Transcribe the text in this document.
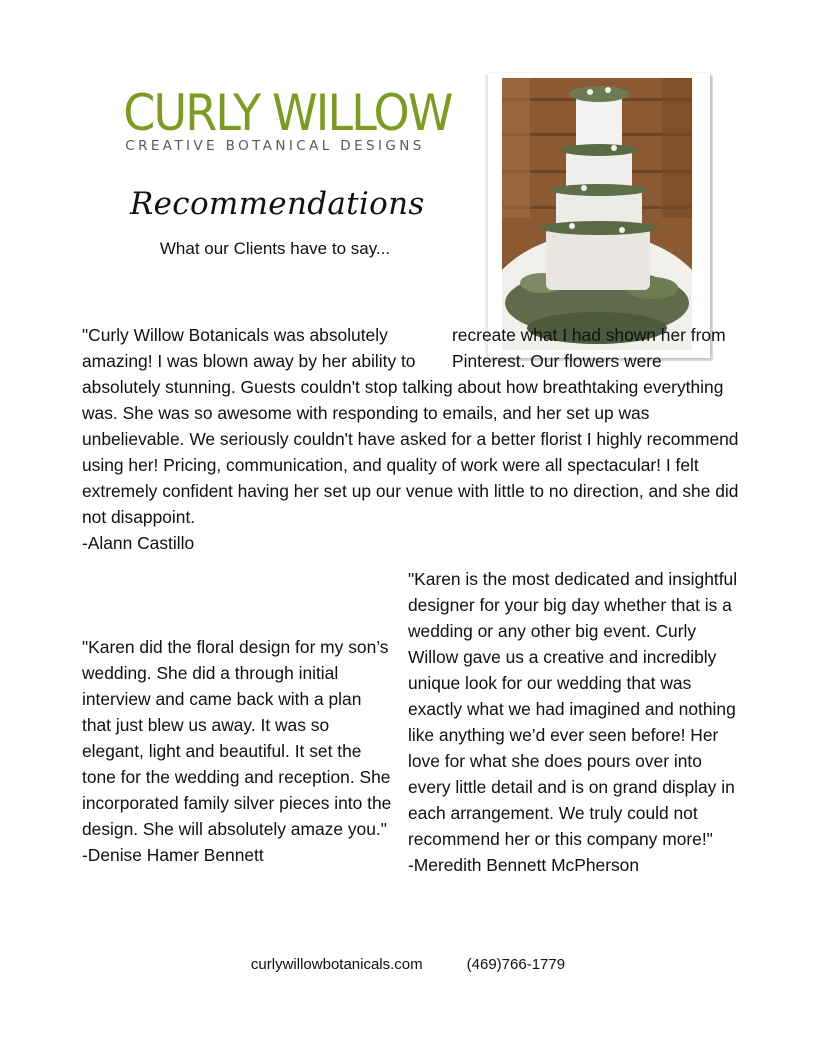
CURLY WILLOW
CREATIVE BOTANICAL DESIGNS
Recommendations
What our Clients have to say...
"Curly Willow Botanicals was absolutely
amazing! I was blown away by her ability to
recreate what I had shown her from Pinterest. Our flowers were absolutely stunning. Guests couldn't stop talking about how breathtaking everything was. She was so awesome with responding to emails, and her set up was unbelievable. We seriously couldn't have asked for a better florist I highly recommend using her! Pricing, communication, and quality of work were all spectacular! I felt extremely confident having her set up our venue with little to no direction, and she did not disappoint.
-Alann Castillo
"Karen did the floral design for my son’s wedding. She did a through initial interview and came back with a plan that just blew us away. It was so elegant, light and beautiful. It set the tone for the wedding and reception. She incorporated family silver pieces into the design. She will absolutely amaze you."
-Denise Hamer Bennett
"Karen is the most dedicated and insightful designer for your big day whether that is a wedding or any other big event. Curly Willow gave us a creative and incredibly unique look for our wedding that was exactly what we had imagined and nothing like anything we’d ever seen before! Her love for what she does pours over into every little detail and is on grand display in each arrangement. We truly could not recommend her or this company more!"
-Meredith Bennett McPherson
curlywillowbotanicals.com	(469)766-1779
